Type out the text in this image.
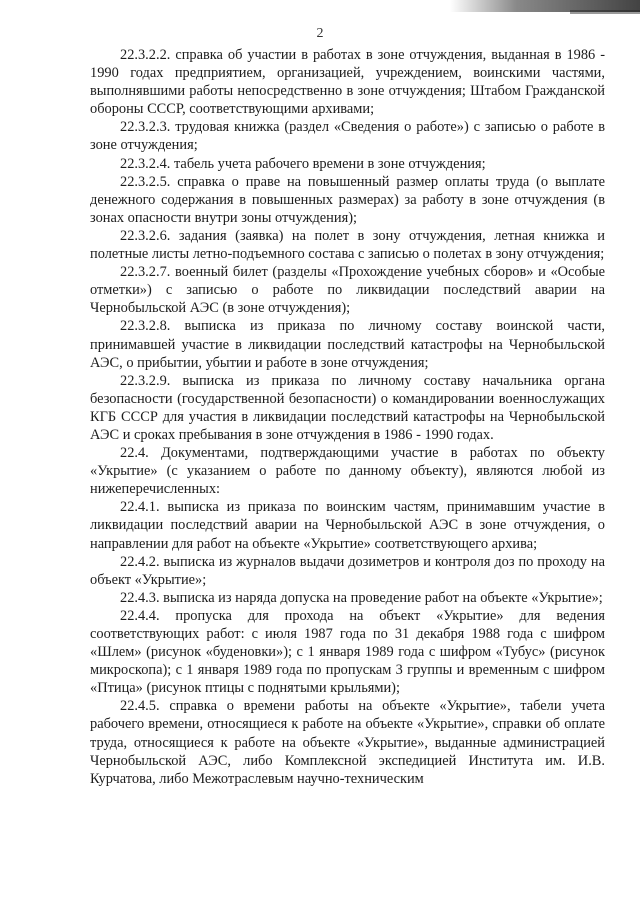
2

22.3.2.2. справка об участии в работах в зоне отчуждения, выданная в 1986 - 1990 годах предприятием, организацией, учреждением, воинскими частями, выполнявшими работы непосредственно в зоне отчуждения; Штабом Гражданской обороны СССР, соответствующими архивами;

22.3.2.3. трудовая книжка (раздел «Сведения о работе») с записью о работе в зоне отчуждения;

22.3.2.4. табель учета рабочего времени в зоне отчуждения;

22.3.2.5. справка о праве на повышенный размер оплаты труда (о выплате денежного содержания в повышенных размерах) за работу в зоне отчуждения (в зонах опасности внутри зоны отчуждения);

22.3.2.6. задания (заявка) на полет в зону отчуждения, летная книжка и полетные листы летно-подъемного состава с записью о полетах в зону отчуждения;

22.3.2.7. военный билет (разделы «Прохождение учебных сборов» и «Особые отметки») с записью о работе по ликвидации последствий аварии на Чернобыльской АЭС (в зоне отчуждения);

22.3.2.8. выписка из приказа по личному составу воинской части, принимавшей участие в ликвидации последствий катастрофы на Чернобыльской АЭС, о прибытии, убытии и работе в зоне отчуждения;

22.3.2.9. выписка из приказа по личному составу начальника органа безопасности (государственной безопасности) о командировании военнослужащих КГБ СССР для участия в ликвидации последствий катастрофы на Чернобыльской АЭС и сроках пребывания в зоне отчуждения в 1986 - 1990 годах.

22.4. Документами, подтверждающими участие в работах по объекту «Укрытие» (с указанием о работе по данному объекту), являются любой из нижеперечисленных:

22.4.1. выписка из приказа по воинским частям, принимавшим участие в ликвидации последствий аварии на Чернобыльской АЭС в зоне отчуждения, о направлении для работ на объекте «Укрытие» соответствующего архива;

22.4.2. выписка из журналов выдачи дозиметров и контроля доз по проходу на объект «Укрытие»;

22.4.3. выписка из наряда допуска на проведение работ на объекте «Укрытие»;

22.4.4. пропуска для прохода на объект «Укрытие» для ведения соответствующих работ: с июля 1987 года по 31 декабря 1988 года с шифром «Шлем» (рисунок «буденовки»); с 1 января 1989 года с шифром «Тубус» (рисунок микроскопа); с 1 января 1989 года по пропускам 3 группы и временным с шифром «Птица» (рисунок птицы с поднятыми крыльями);

22.4.5. справка о времени работы на объекте «Укрытие», табели учета рабочего времени, относящиеся к работе на объекте «Укрытие», справки об оплате труда, относящиеся к работе на объекте «Укрытие», выданные администрацией Чернобыльской АЭС, либо Комплексной экспедицией Института им. И.В. Курчатова, либо Межотраслевым научно-техническим
